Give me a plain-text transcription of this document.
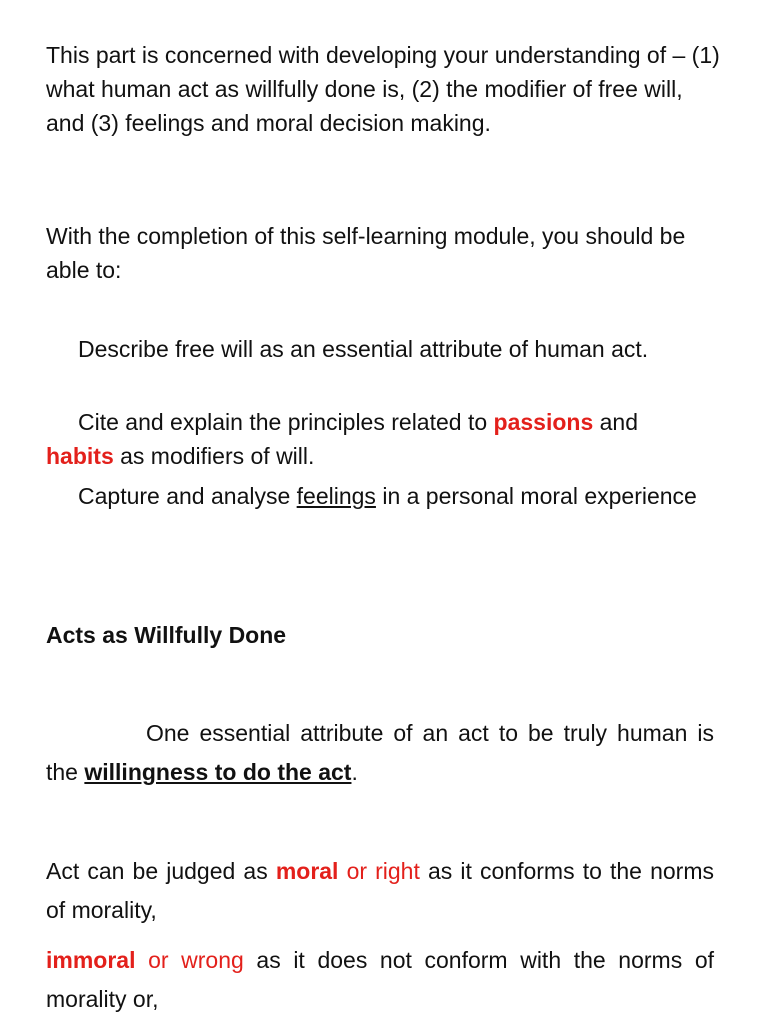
This part is concerned with developing your understanding of – (1) what human act as willfully done is, (2) the modifier of free will, and (3) feelings and moral decision making.

With the completion of this self-learning module, you should be able to:

Describe free will as an essential attribute of human act.

Cite and explain the principles related to passions and
habits as modifiers of will.

Capture and analyse feelings in a personal moral experience

Acts as Willfully Done

One essential attribute of an act to be truly human is the willingness to do the act.

Act can be judged as moral or right as it conforms to the norms of morality,

immoral or wrong as it does not conform with the norms of morality or,
